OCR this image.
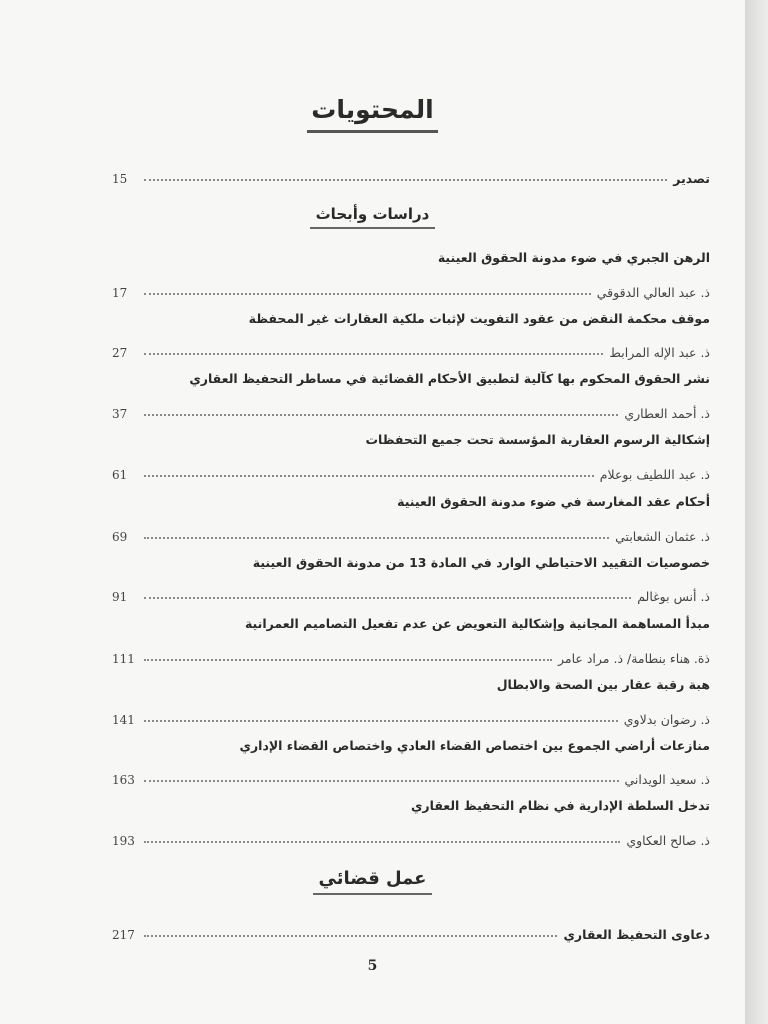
المحتويات
تصدير
15
دراسات وأبحاث
الرهن الجبري في ضوء مدونة الحقوق العينية
ذ. عبد العالي الدقوقي
17
موقف محكمة النقض من عقود التفويت لإثبات ملكية العقارات غير المحفظة
ذ. عبد الإله المرابط
27
نشر الحقوق المحكوم بها كآلية لتطبيق الأحكام القضائية في مساطر التحفيظ العقاري
ذ. أحمد العطاري
37
إشكالية الرسوم العقارية المؤسسة تحت جميع التحفظات
ذ. عبد اللطيف بوعلام
61
أحكام عقد المغارسة في ضوء مدونة الحقوق العينية
ذ. عثمان الشعابتي
69
خصوصيات التقييد الاحتياطي الوارد في المادة 13 من مدونة الحقوق العينية
ذ. أنس بوغالم
91
مبدأ المساهمة المجانية وإشكالية التعويض عن عدم تفعيل التصاميم العمرانية
ذة. هناء بنطامة/ ذ. مراد عامر
111
هبة رقبة عقار بين الصحة والابطال
ذ. رضوان بدلاوي
141
منازعات أراضي الجموع بين اختصاص القضاء العادي واختصاص القضاء الإداري
ذ. سعيد الويداني
163
تدخل السلطة الإدارية في نظام التحفيظ العقاري
ذ. صالح العكاوي
193
عمل قضائي
دعاوى التحفيظ العقاري
217
5
